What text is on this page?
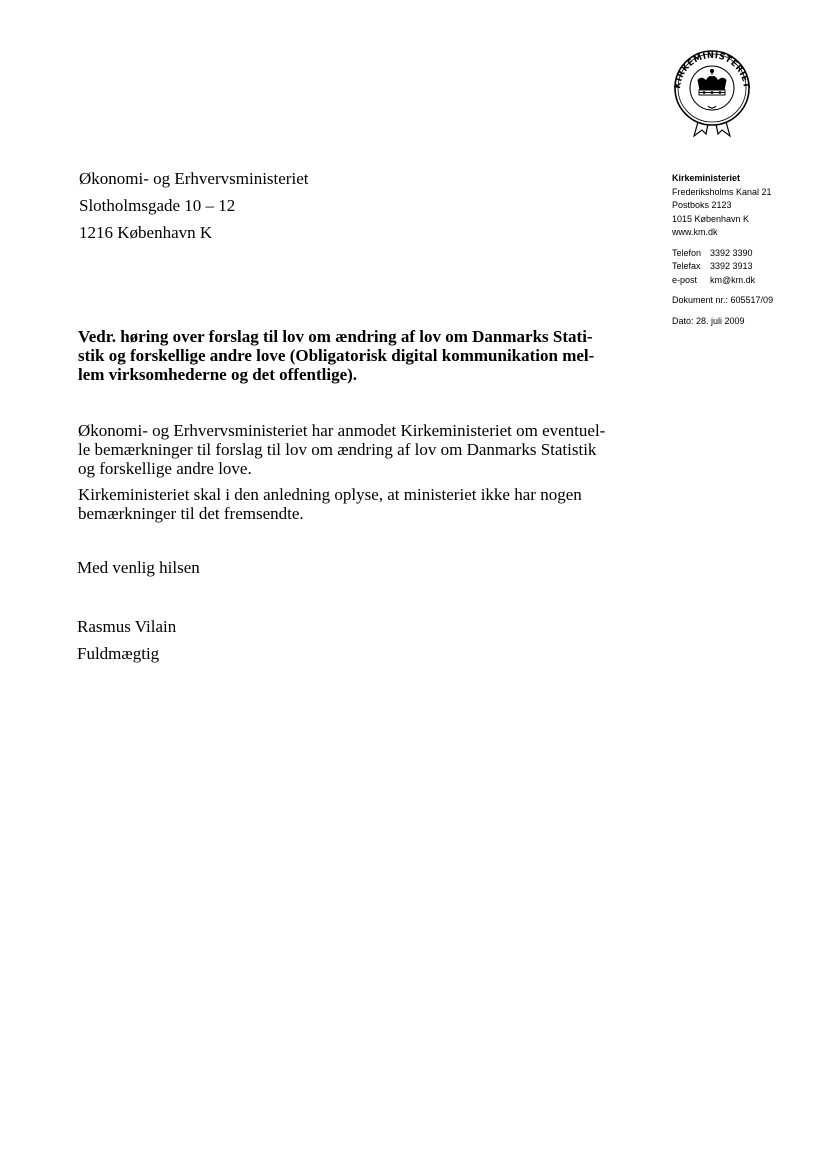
KIRKEMINISTERIET
Økonomi- og Erhvervsministeriet
Slotholmsgade 10 – 12
1216 København K
Kirkeministeriet
Frederiksholms Kanal 21
Postboks 2123
1015 København K
www.km.dk
Telefon 3392 3390
Telefax 3392 3913
e-post km@km.dk
Dokument nr.: 605517/09
Dato: 28. juli 2009
Vedr. høring over forslag til lov om ændring af lov om Danmarks Stati-
stik og forskellige andre love (Obligatorisk digital kommunikation mel-
lem virksomhederne og det offentlige).
Økonomi- og Erhvervsministeriet har anmodet Kirkeministeriet om eventuel-
le bemærkninger til forslag til lov om ændring af lov om Danmarks Statistik
og forskellige andre love.
Kirkeministeriet skal i den anledning oplyse, at ministeriet ikke har nogen
bemærkninger til det fremsendte.
Med venlig hilsen
Rasmus Vilain
Fuldmægtig
